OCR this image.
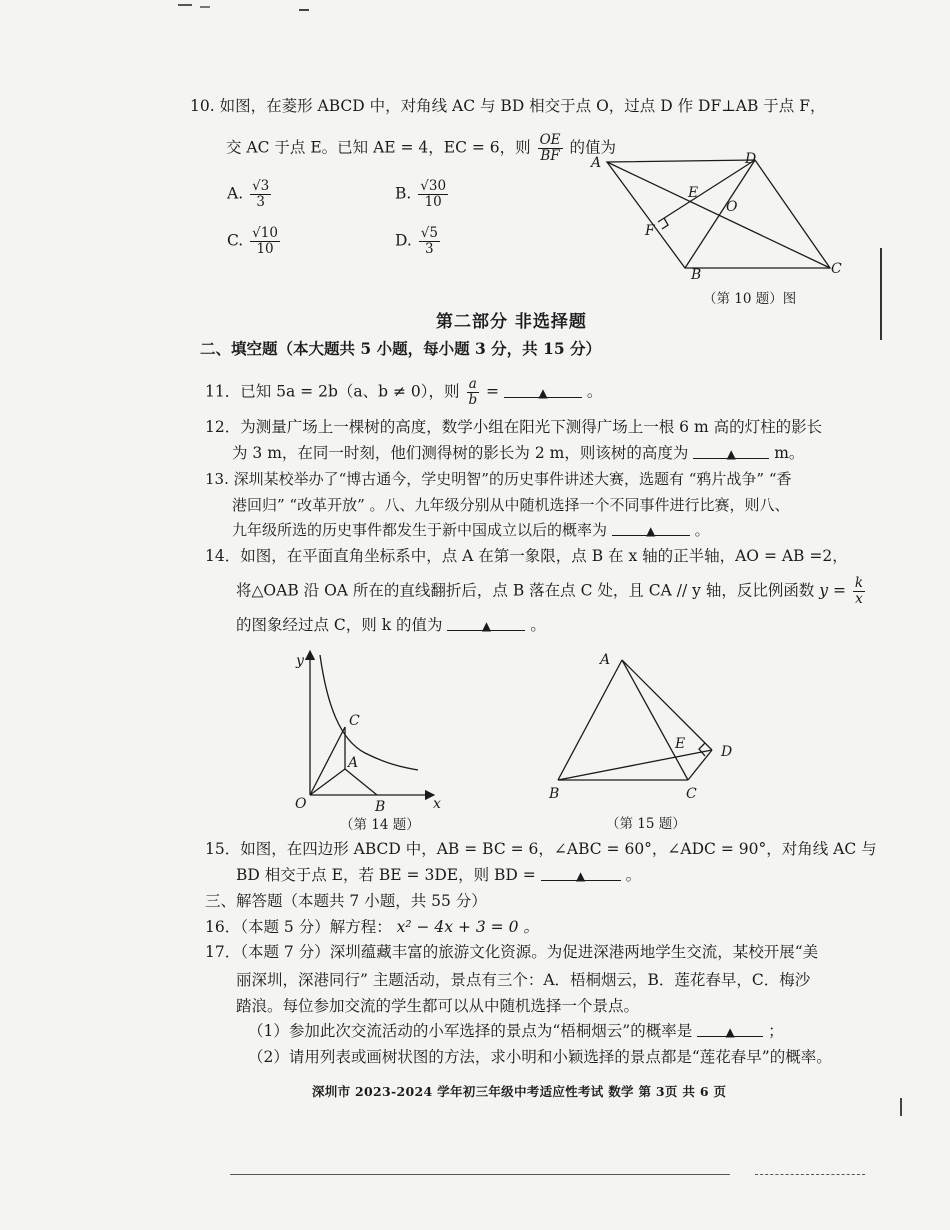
10. 如图，在菱形 ABCD 中，对角线 AC 与 BD 相交于点 O，过点 D 作 DF⊥AB 于点 F，
交 AC 于点 E。已知 AE = 4，EC = 6，则 $\frac{OE}{BF}$ 的值为
A. $\frac{√3}{3}$	B. $\frac{√30}{10}$
C. $\frac{√10}{10}$	D. $\frac{√5}{3}$
A	D
E
O
F
B	C
（第 10 题）图
第二部分 非选择题
二、填空题（本大题共 5 小题，每小题 3 分，共 15 分）
11．已知 5a = 2b（a、b ≠ 0），则 $\frac{a}{b}$ =	▲	。
12．为测量广场上一棵树的高度，数学小组在阳光下测得广场上一根 6 m 高的灯柱的影长
为 3 m，在同一时刻，他们测得树的影长为 2 m，则该树的高度为	▲ m。
13. 深圳某校举办了“博古通今，学史明智”的历史事件讲述大赛，选题有 “鸦片战争” “香
港回归” “改革开放” 。八、九年级分别从中随机选择一个不同事件进行比赛，则八、
九年级所选的历史事件都发生于新中国成立以后的概率为	▲	。
14．如图，在平面直角坐标系中，点 A 在第一象限，点 B 在 x 轴的正半轴，AO = AB =2，
将△OAB 沿 OA 所在的直线翻折后，点 B 落在点 C 处，且 CA // y 轴，反比例函数 $y = \frac{k}{x}$
的图象经过点 C，则 k 的值为	▲	。
y
x
O
C
A
B
（第 14 题）
A
B	C
D
E
（第 15 题）
15．如图，在四边形 ABCD 中，AB = BC = 6，∠ABC = 60°，∠ADC = 90°，对角线 AC 与
BD 相交于点 E，若 BE = 3DE，则 BD =	▲	。
三、解答题（本题共 7 小题，共 55 分）
16．（本题 5 分）解方程： x² − 4x + 3 = 0 。
17．（本题 7 分）深圳蕴藏丰富的旅游文化资源。为促进深港两地学生交流，某校开展“美
丽深圳，深港同行” 主题活动，景点有三个：A．梧桐烟云，B．莲花春早，C．梅沙
踏浪。每位参加交流的学生都可以从中随机选择一个景点。
（1）参加此次交流活动的小军选择的景点为“梧桐烟云”的概率是	▲ ；
（2）请用列表或画树状图的方法，求小明和小颖选择的景点都是“莲花春早”的概率。
深圳市 2023-2024 学年初三年级中考适应性考试 数学 第 3页 共 6 页
